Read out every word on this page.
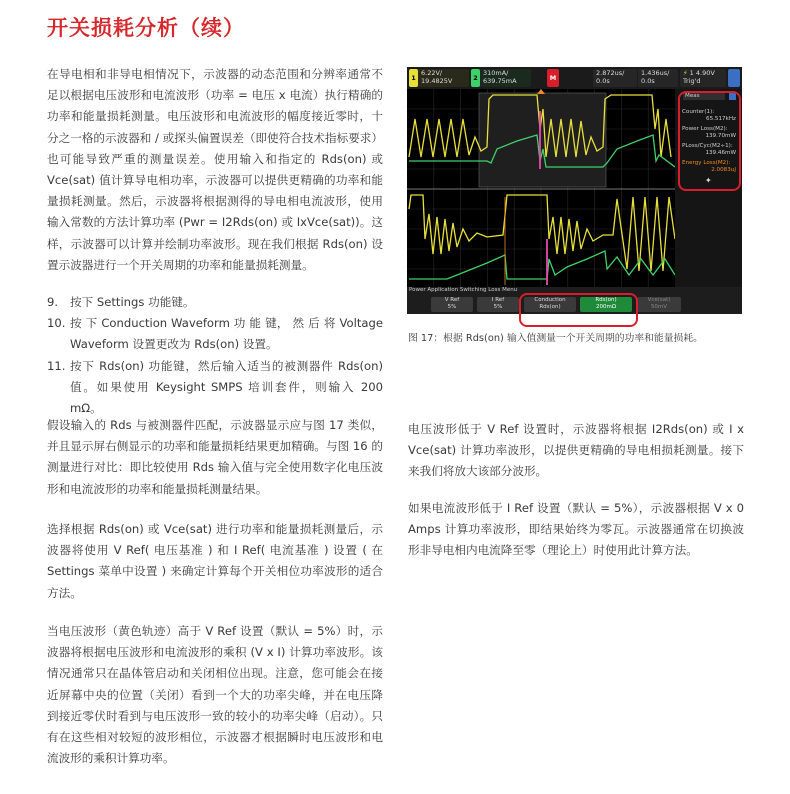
开关损耗分析（续）

在导电相和非导电相情况下，示波器的动态范围和分辨率通常不足以根据电压波形和电流波形（功率 = 电压 x 电流）执行精确的功率和能量损耗测量。电压波形和电流波形的幅度接近零时，十分之一格的示波器和 / 或探头偏置误差（即使符合技术指标要求）也可能导致严重的测量误差。使用输入和指定的 Rds(on) 或 Vce(sat) 值计算导电相功率，示波器可以提供更精确的功率和能量损耗测量。然后，示波器将根据测得的导电相电流波形，使用输入常数的方法计算功率 (Pwr = I2Rds(on) 或 IxVce(sat))。这样，示波器可以计算并绘制功率波形。现在我们根据 Rds(on) 设置示波器进行一个开关周期的功率和能量损耗测量。

9. 按下 Settings 功能键。
10. 按 下 Conduction Waveform 功 能 键， 然 后 将 Voltage Waveform 设置更改为 Rds(on) 设置。
11. 按下 Rds(on) 功能键，然后输入适当的被测器件 Rds(on) 值。如果使用 Keysight SMPS 培训套件，则输入 200 mΩ。

假设输入的 Rds 与被测器件匹配，示波器显示应与图 17 类似，并且显示屏右侧显示的功率和能量损耗结果更加精确。与图 16 的测量进行对比：即比较使用 Rds 输入值与完全使用数字化电压波形和电流波形的功率和能量损耗测量结果。

选择根据 Rds(on) 或 Vce(sat) 进行功率和能量损耗测量后，示波器将使用 V Ref( 电压基准 ) 和 I Ref( 电流基准 ) 设置 ( 在 Settings 菜单中设置 ) 来确定计算每个开关相位功率波形的适合方法。

当电压波形（黄色轨迹）高于 V Ref 设置（默认 = 5%）时，示波器将根据电压波形和电流波形的乘积 (V x I) 计算功率波形。该情况通常只在晶体管启动和关闭相位出现。注意，您可能会在接近屏幕中央的位置（关闭）看到一个大的功率尖峰，并在电压降到接近零伏时看到与电压波形一致的较小的功率尖峰（启动）。只有在这些相对较短的波形相位，示波器才根据瞬时电压波形和电流波形的乘积计算功率。

16.22V/
19.4825V	2310mA/
639.75mA	M
2.872us/
0.0s
1.436us/
0.0s
⚡ 1 4.90V
Trig'd
Meas
Counter(1):
65.517kHz
Power Loss(M2):
139.70mW
PLoss/Cyc(M2÷1):
139.46mW
Energy Loss(M2):
2.0083uJ
✦
Power Application Switching Loss Menu
V Ref
5%
I Ref
5%
Conduction
Rds(on)
Rds(on)
200mΩ
Vce(sat)
50mV

图 17：根据 Rds(on) 输入值测量一个开关周期的功率和能量损耗。

电压波形低于 V Ref 设置时，示波器将根据 I2Rds(on) 或 I x Vce(sat) 计算功率波形，以提供更精确的导电相损耗测量。接下来我们将放大该部分波形。

如果电流波形低于 I Ref 设置（默认 = 5%），示波器根据 V x 0 Amps 计算功率波形，即结果始终为零瓦。示波器通常在切换波形非导电相内电流降至零（理论上）时使用此计算方法。
